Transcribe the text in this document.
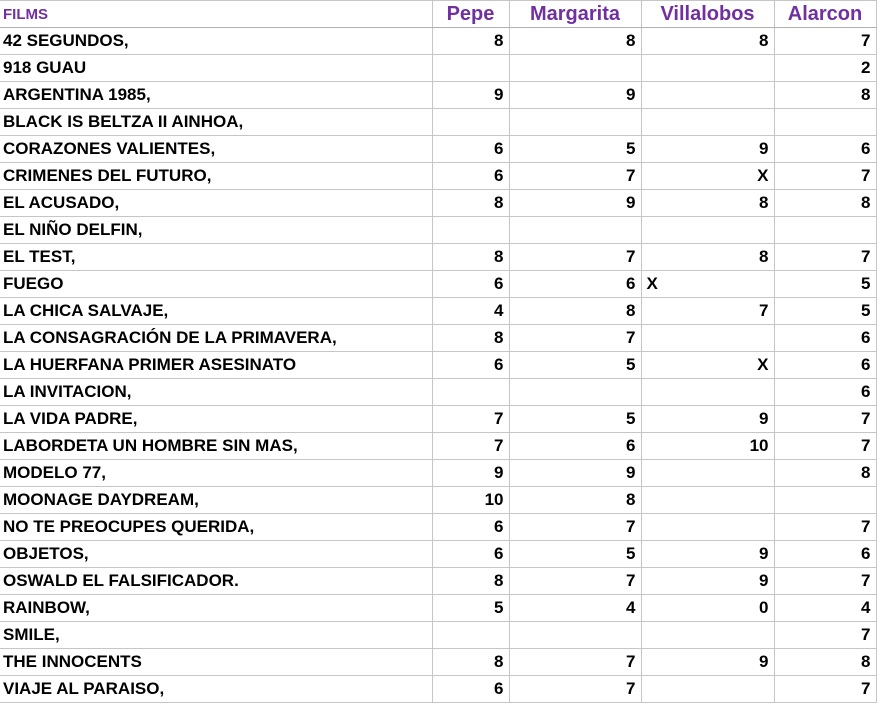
FILMS	Pepe	Margarita	Villalobos	Alarcon
42 SEGUNDOS,	8	8	8	7
918 GUAU				2
ARGENTINA 1985,	9	9		8
BLACK IS BELTZA II AINHOA,				
CORAZONES VALIENTES,	6	5	9	6
CRIMENES DEL FUTURO,	6	7	X	7
EL ACUSADO,	8	9	8	8
EL NIÑO DELFIN,				
EL TEST,	8	7	8	7
FUEGO	6	6	X	5
LA CHICA SALVAJE,	4	8	7	5
LA CONSAGRACIÓN DE LA PRIMAVERA,	8	7		6
LA HUERFANA PRIMER ASESINATO	6	5	X	6
LA INVITACION,				6
LA VIDA PADRE,	7	5	9	7
LABORDETA UN HOMBRE SIN MAS,	7	6	10	7
MODELO 77,	9	9		8
MOONAGE DAYDREAM,	10	8		
NO TE PREOCUPES QUERIDA,	6	7		7
OBJETOS,	6	5	9	6
OSWALD EL FALSIFICADOR.	8	7	9	7
RAINBOW,	5	4	0	4
SMILE,				7
THE INNOCENTS	8	7	9	8
VIAJE AL PARAISO,	6	7		7
